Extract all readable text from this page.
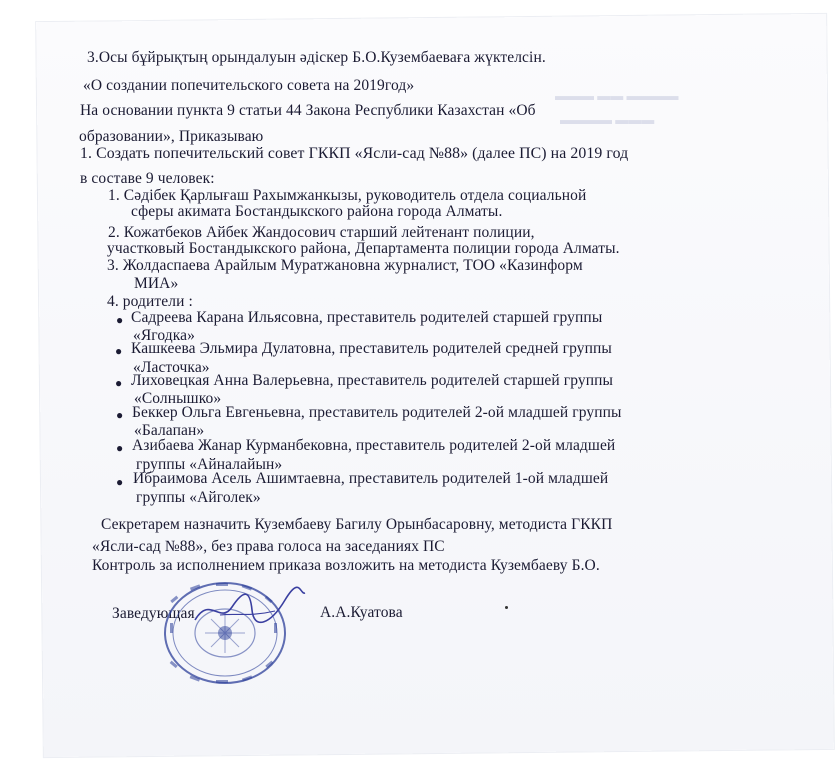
▬▬▬ ▬▬ ▬▬▬▬
▬▬▬▬ ▬▬▬
3.Осы бұйрықтың орындалуын әдіскер Б.О.Кузембаевағa жүктелсін.
«О создании попечительского совета на 2019год»
На основании пункта 9 статьи 44 Закона Республики Казахстан «Об
образовании», Приказываю
1. Создать попечительский совет ГККП «Ясли-сад №88» (далее ПС) на 2019 год
в составе 9 человек:
1. Сәдібек Қарлығаш Рахымжанкызы, руководитель отдела социальной
сферы акимата Бостандыкского района города Алматы.
2. Кожатбеков Айбек Жандосович старший лейтенант полиции,
участковый Бостандыкского района, Департамента полиции города Алматы.
3. Жолдаспаева Арайлым Муратжановна журналист, ТОО «Казинформ
МИА»
4. родители :
● Садреева Карана Ильясовна, преставитель родителей старшей группы
«Ягодка»
● Кашкеева Эльмира Дулатовна, преставитель родителей средней группы
«Ласточка»
● Лиховецкая Анна Валерьевна, преставитель родителей старшей группы
«Солнышко»
● Беккер Ольга Евгеньевна, преставитель родителей 2-ой младшей группы
«Балапан»
● Азибаева Жанар Курманбековна, преставитель родителей 2-ой младшей
группы «Айналайын»
● Ибраимова Асель Ашимтаевна, преставитель родителей 1-ой младшей
группы «Айголек»
Секретарем назначить Кузембаеву Багилу Орынбасаровну, методиста ГККП
«Ясли-сад №88», без права голоса на заседаниях ПС
Контроль за исполнением приказа возложить на методиста Кузембаеву Б.О.
Заведующая	А.А.Куатова
